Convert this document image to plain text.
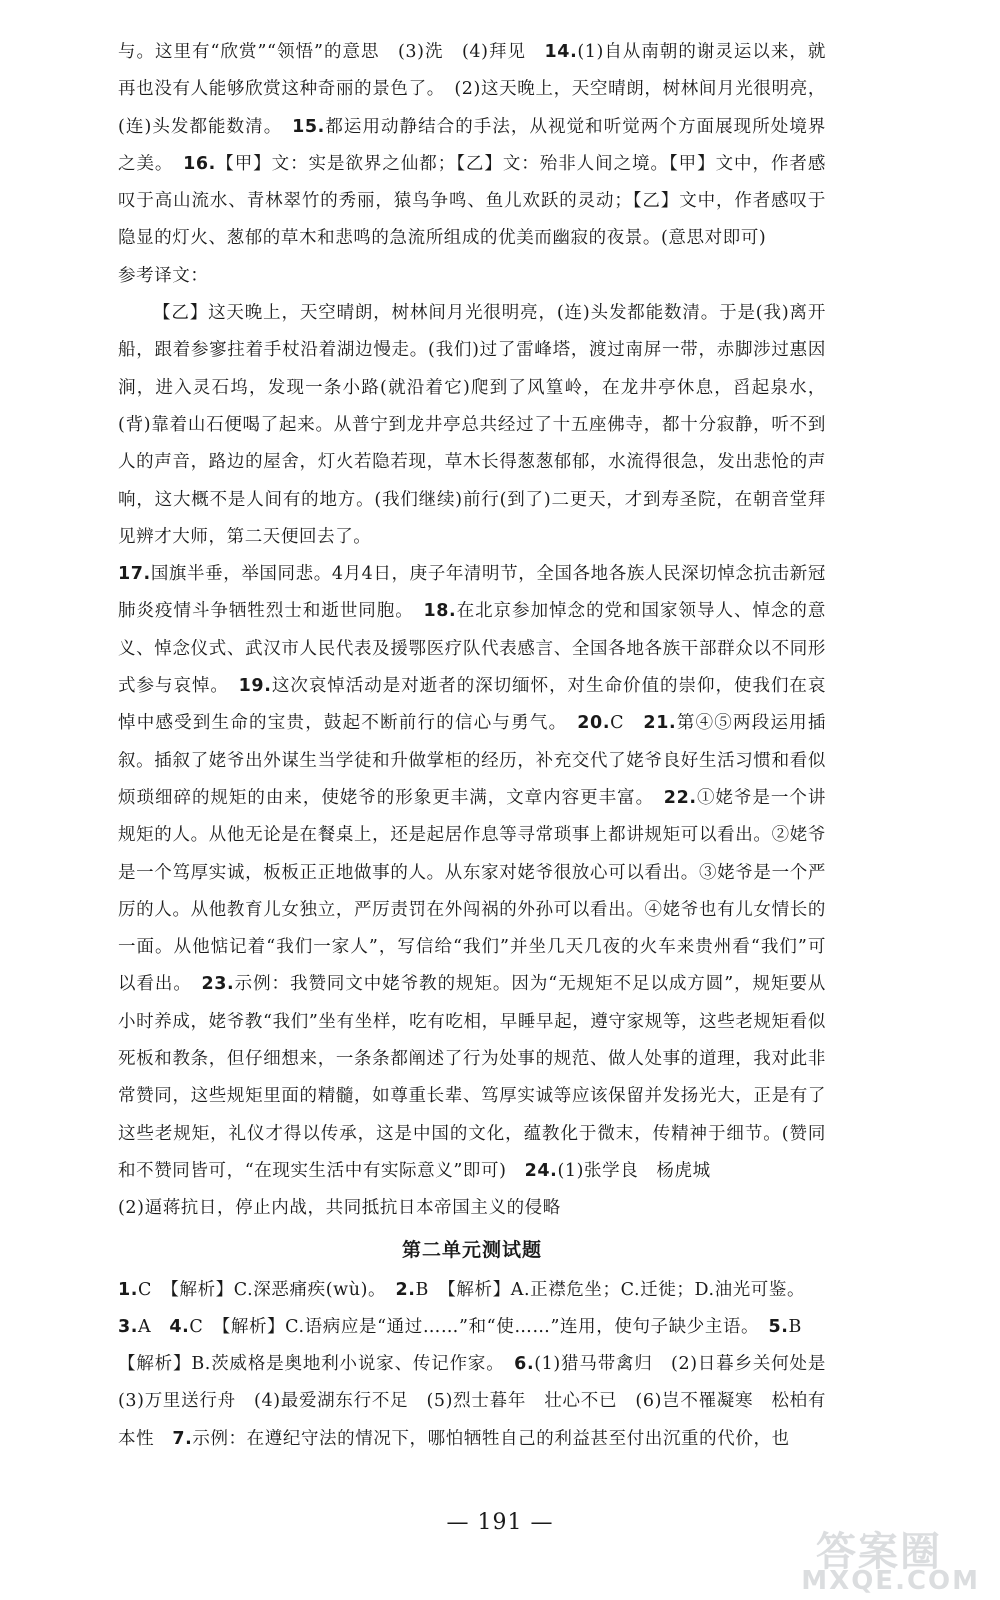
与。这里有“欣赏”“领悟”的意思　(3)洗　(4)拜见　14.(1)自从南朝的谢灵运以来，就再也没有人能够欣赏这种奇丽的景色了。　(2)这天晚上，天空晴朗，树林间月光很明亮，(连)头发都能数清。　15.都运用动静结合的手法，从视觉和听觉两个方面展现所处境界之美。　16.【甲】文：实是欲界之仙都；【乙】文：殆非人间之境。【甲】文中，作者感叹于高山流水、青林翠竹的秀丽，猿鸟争鸣、鱼儿欢跃的灵动；【乙】文中，作者感叹于隐显的灯火、葱郁的草木和悲鸣的急流所组成的优美而幽寂的夜景。(意思对即可)

参考译文：

【乙】这天晚上，天空晴朗，树林间月光很明亮，(连)头发都能数清。于是(我)离开船，跟着参寥拄着手杖沿着湖边慢走。(我们)过了雷峰塔，渡过南屏一带，赤脚涉过惠因涧，进入灵石坞，发现一条小路(就沿着它)爬到了风篁岭，在龙井亭休息，舀起泉水，(背)靠着山石便喝了起来。从普宁到龙井亭总共经过了十五座佛寺，都十分寂静，听不到人的声音，路边的屋舍，灯火若隐若现，草木长得葱葱郁郁，水流得很急，发出悲怆的声响，这大概不是人间有的地方。(我们继续)前行(到了)二更天，才到寿圣院，在朝音堂拜见辨才大师，第二天便回去了。

17.国旗半垂，举国同悲。4月4日，庚子年清明节，全国各地各族人民深切悼念抗击新冠肺炎疫情斗争牺牲烈士和逝世同胞。　18.在北京参加悼念的党和国家领导人、悼念的意义、悼念仪式、武汉市人民代表及援鄂医疗队代表感言、全国各地各族干部群众以不同形式参与哀悼。　19.这次哀悼活动是对逝者的深切缅怀，对生命价值的崇仰，使我们在哀悼中感受到生命的宝贵，鼓起不断前行的信心与勇气。　20.C　21.第④⑤两段运用插叙。插叙了姥爷出外谋生当学徒和升做掌柜的经历，补充交代了姥爷良好生活习惯和看似烦琐细碎的规矩的由来，使姥爷的形象更丰满，文章内容更丰富。　22.①姥爷是一个讲规矩的人。从他无论是在餐桌上，还是起居作息等寻常琐事上都讲规矩可以看出。②姥爷是一个笃厚实诚，板板正正地做事的人。从东家对姥爷很放心可以看出。③姥爷是一个严厉的人。从他教育儿女独立，严厉责罚在外闯祸的外孙可以看出。④姥爷也有儿女情长的一面。从他惦记着“我们一家人”，写信给“我们”并坐几天几夜的火车来贵州看“我们”可以看出。　23.示例：我赞同文中姥爷教的规矩。因为“无规矩不足以成方圆”，规矩要从小时养成，姥爷教“我们”坐有坐样，吃有吃相，早睡早起，遵守家规等，这些老规矩看似死板和教条，但仔细想来，一条条都阐述了行为处事的规范、做人处事的道理，我对此非常赞同，这些规矩里面的精髓，如尊重长辈、笃厚实诚等应该保留并发扬光大，正是有了这些老规矩，礼仪才得以传承，这是中国的文化，蕴教化于微末，传精神于细节。(赞同和不赞同皆可，“在现实生活中有实际意义”即可)　24.(1)张学良　杨虎城

(2)逼蒋抗日，停止内战，共同抵抗日本帝国主义的侵略

第二单元测试题

1.C　【解析】C.深恶痛疾(wù)。　2.B　【解析】A.正襟危坐；C.迁徙；D.油光可鉴。

3.A　4.C　【解析】C.语病应是“通过……”和“使……”连用，使句子缺少主语。　5.B

【解析】B.茨威格是奥地利小说家、传记作家。　6.(1)猎马带禽归　(2)日暮乡关何处是　(3)万里送行舟　(4)最爱湖东行不足　(5)烈士暮年　壮心不已　(6)岂不罹凝寒　松柏有本性　7.示例：在遵纪守法的情况下，哪怕牺牲自己的利益甚至付出沉重的代价，也

— 191 —
答案圈
MXQE.COM
